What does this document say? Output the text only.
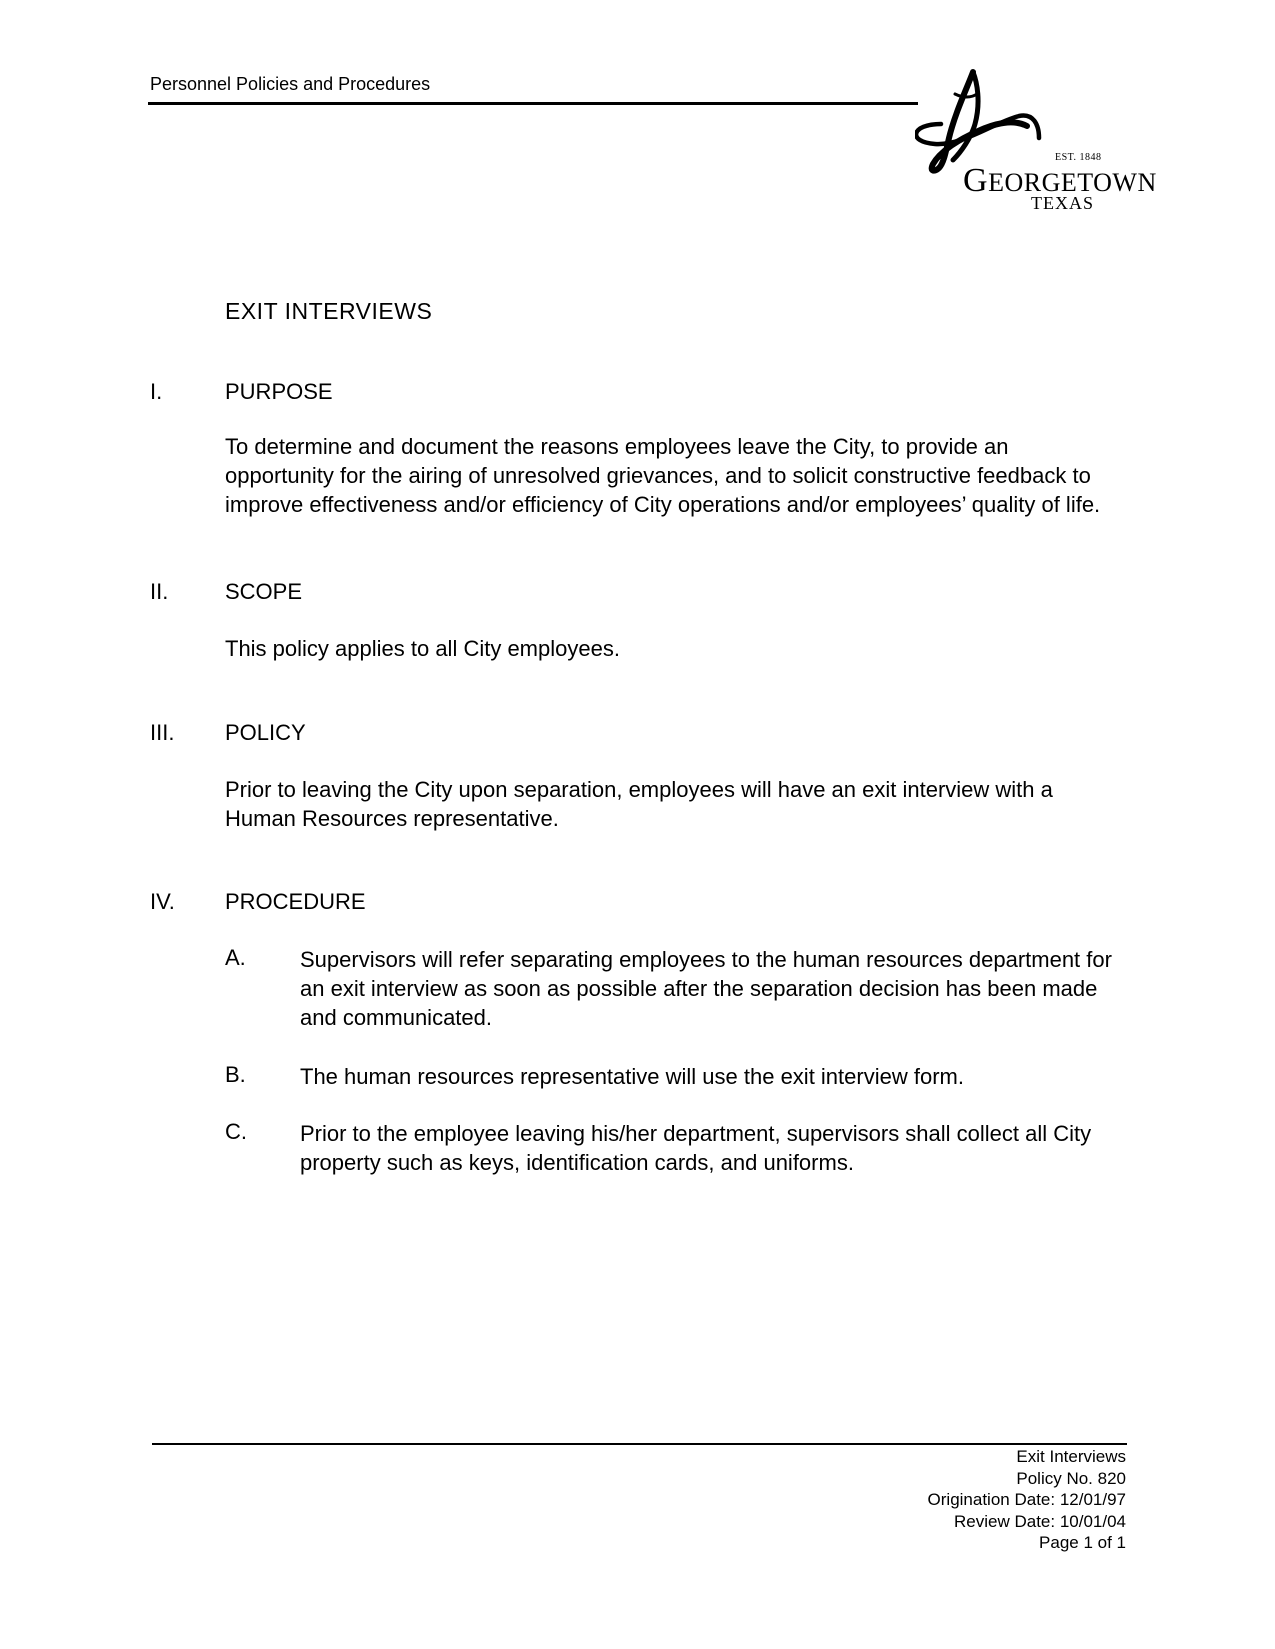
Personnel Policies and Procedures
EST. 1848
GEORGETOWN
TEXAS
EXIT INTERVIEWS
I.	PURPOSE
To determine and document the reasons employees leave the City, to provide an opportunity for the airing of unresolved grievances, and to solicit constructive feedback to improve effectiveness and/or efficiency of City operations and/or employees’ quality of life.
II.	SCOPE
This policy applies to all City employees.
III. POLICY
Prior to leaving the City upon separation, employees will have an exit interview with a Human Resources representative.
IV. PROCEDURE
A. Supervisors will refer separating employees to the human resources department for an exit interview as soon as possible after the separation decision has been made and communicated.
B. The human resources representative will use the exit interview form.
C. Prior to the employee leaving his/her department, supervisors shall collect all City property such as keys, identification cards, and uniforms.
Exit Interviews
Policy No. 820
Origination Date: 12/01/97
Review Date: 10/01/04
Page 1 of 1
